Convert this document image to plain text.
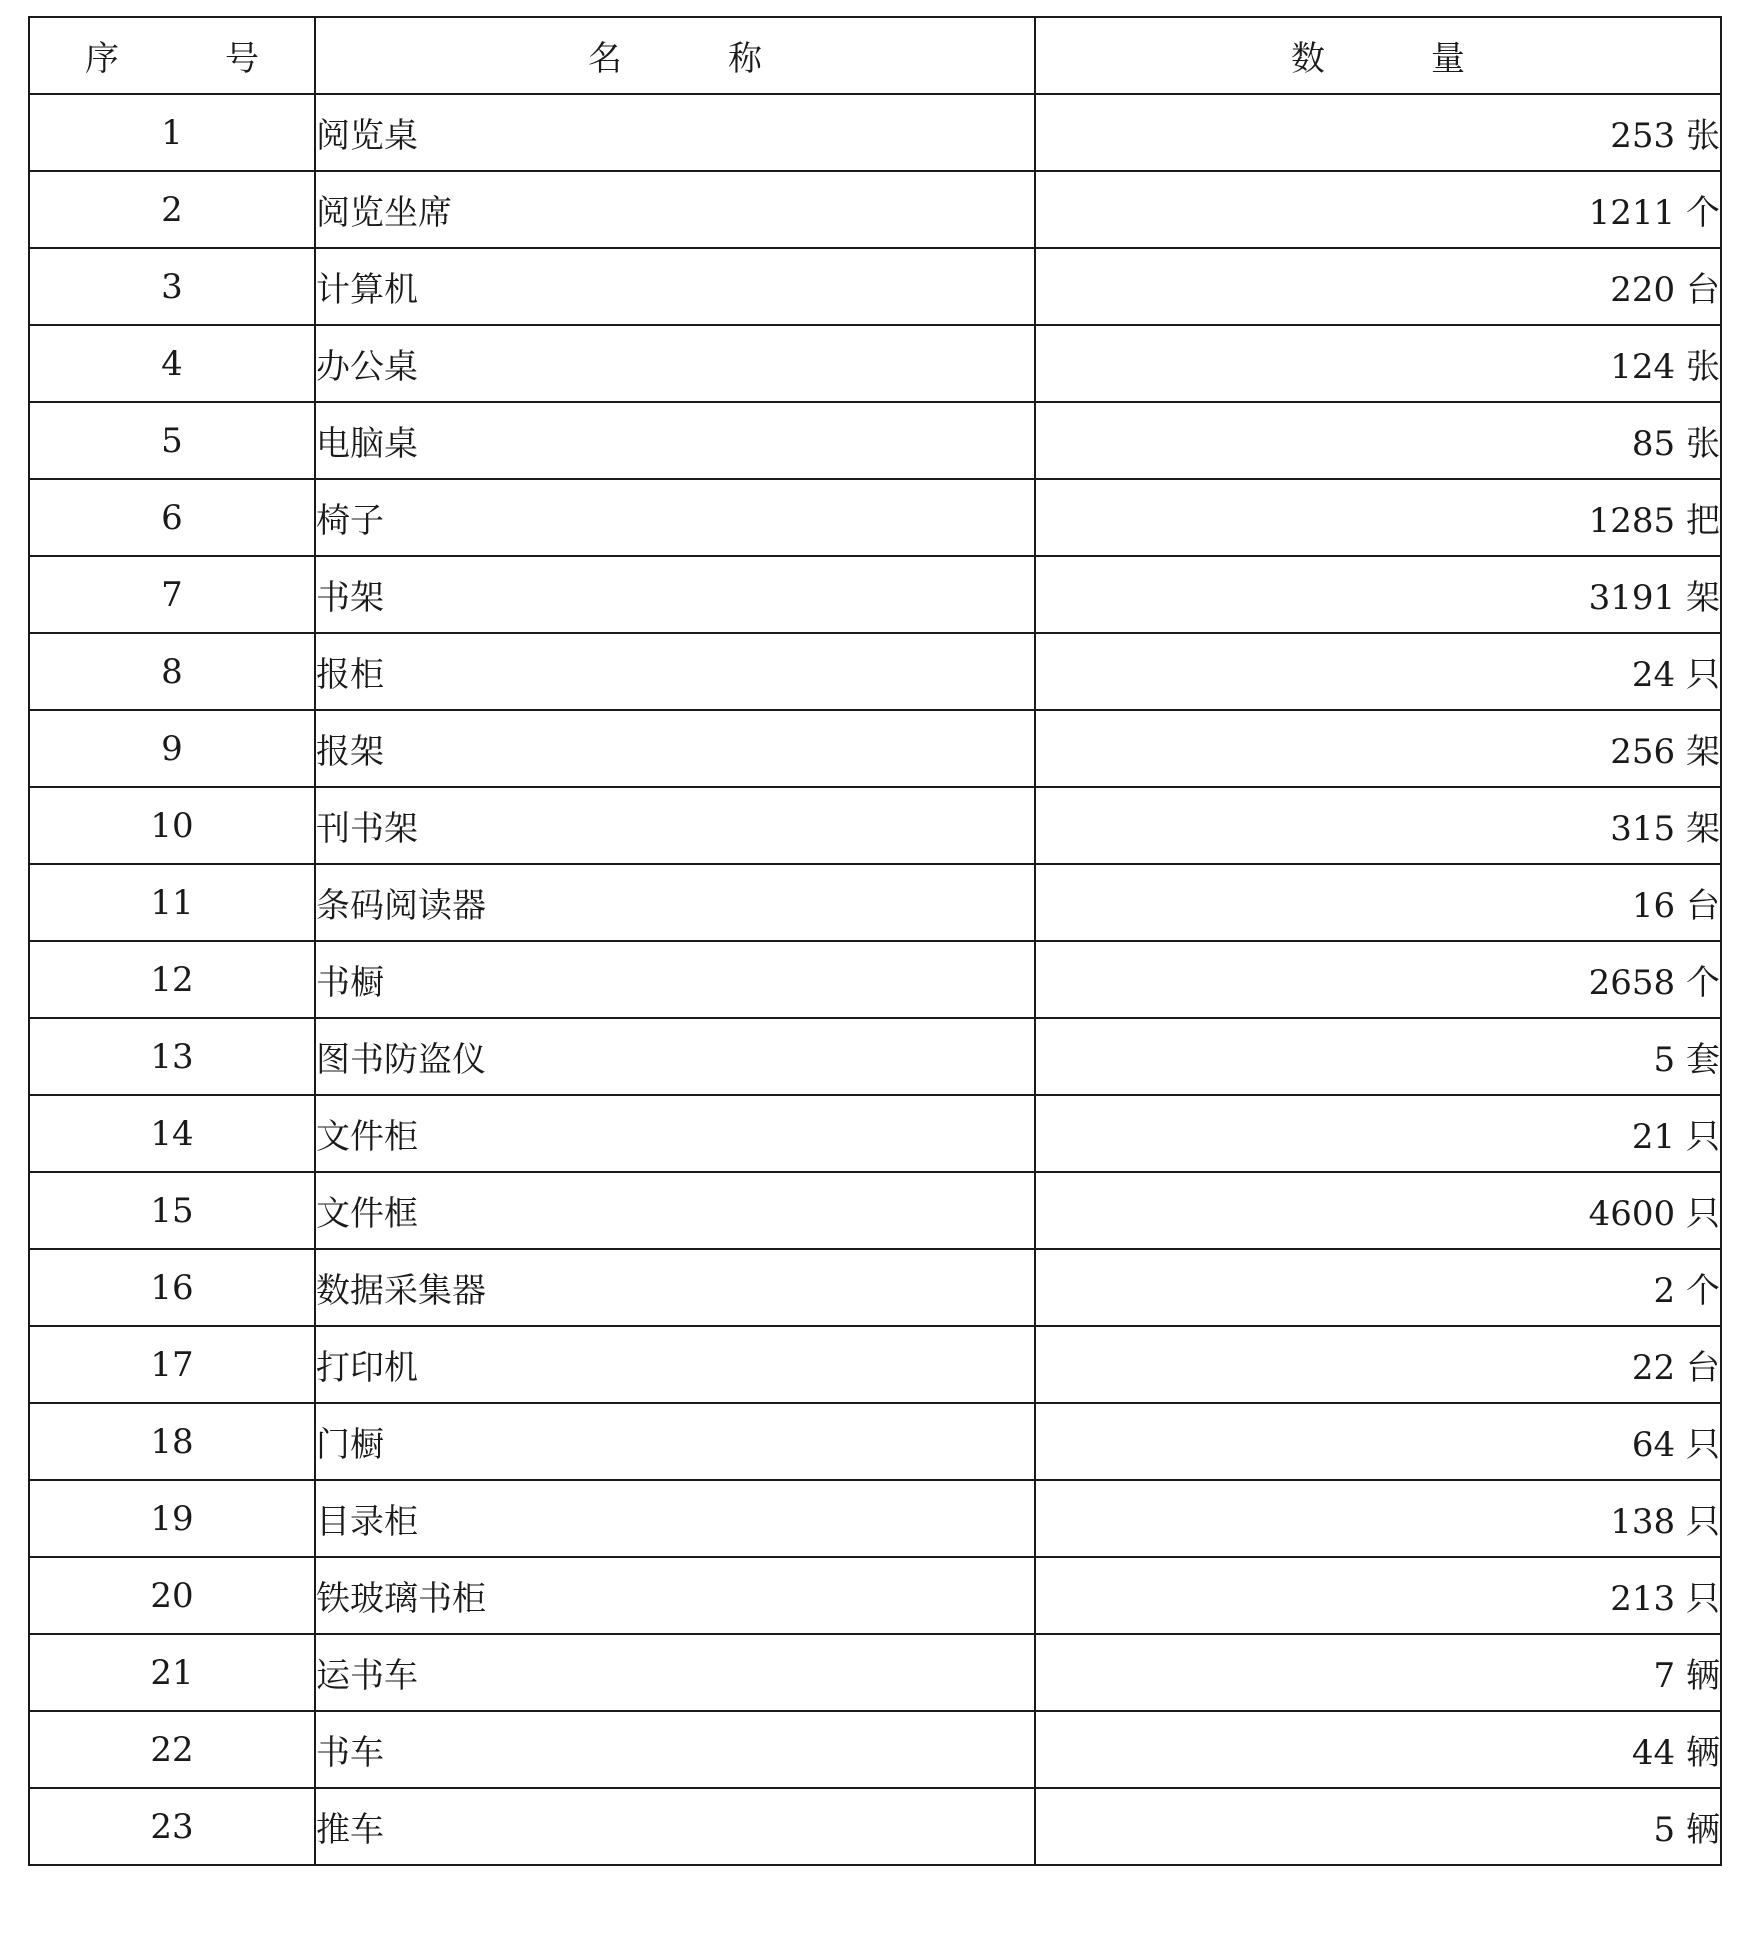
序 号	名 称	数 量
1	阅览桌	253 张
2	阅览坐席	1211 个
3	计算机	220 台
4	办公桌	124 张
5	电脑桌	85 张
6	椅子	1285 把
7	书架	3191 架
8	报柜	24 只
9	报架	256 架
10	刊书架	315 架
11	条码阅读器	16 台
12	书橱	2658 个
13	图书防盗仪	5 套
14	文件柜	21 只
15	文件框	4600 只
16	数据采集器	2 个
17	打印机	22 台
18	门橱	64 只
19	目录柜	138 只
20	铁玻璃书柜	213 只
21	运书车	7 辆
22	书车	44 辆
23	推车	5 辆
